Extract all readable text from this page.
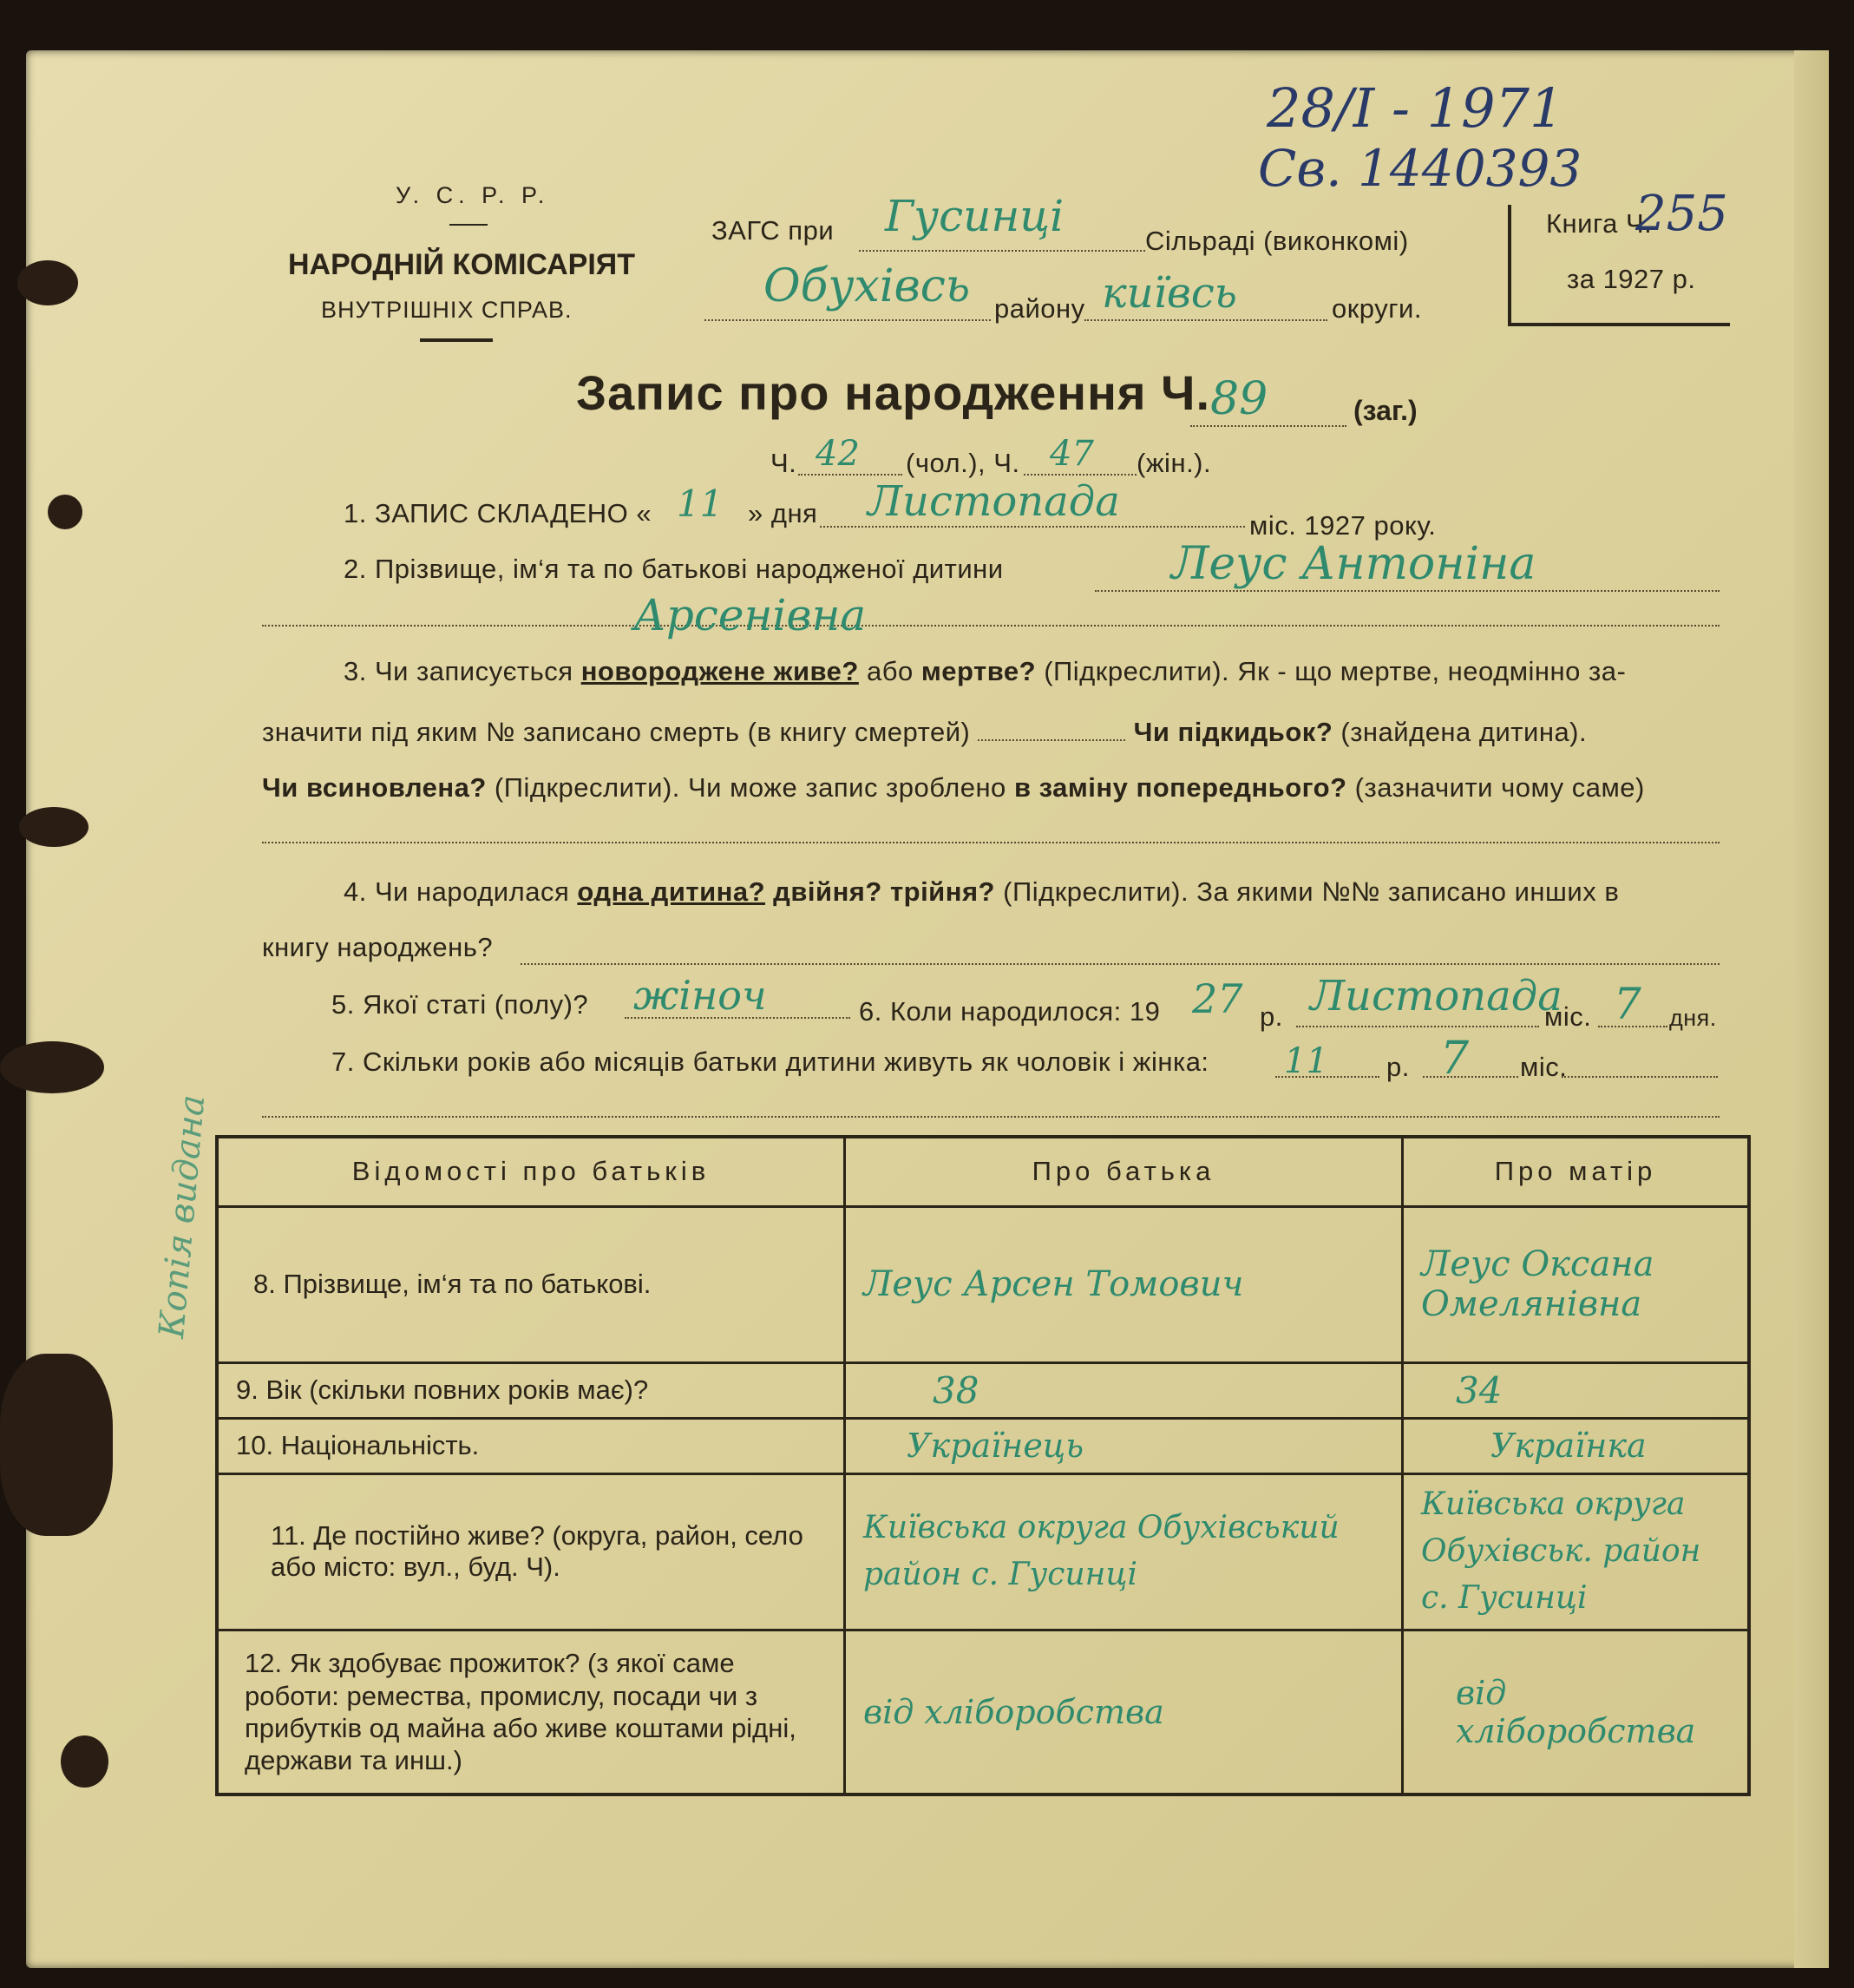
28/I - 1971
Св. 1440393
У. С. Р. Р.
НАРОДНІЙ КОМІСАРІЯТ
ВНУТРІШНІХ СПРАВ.
ЗАГС при Гусинці	Сільраді (виконкомі)
Обухівсь району київсь	округи.
Книга Ч.
255
за 1927 р.
Запис про народження Ч. 89	(заг.)
Ч. 42 (чол.), Ч. 47 (жін.).
1. ЗАПИС СКЛАДЕНО « 11 » дня Листопада	міс. 1927 року.
2. Прізвище, ім‘я та по батькові народженої дитини	Леус Антоніна
Арсенівна
3. Чи записується новороджене живе? або мертве? (Підкреслити). Як - що мертве, неодмінно за-
значити під яким № записано смерть (в книгу смертей)	Чи підкидьок? (знайдена дитина).
Чи всиновлена? (Підкреслити). Чи може запис зроблено в заміну попереднього? (зазначити чому саме)
4. Чи народилася одна дитина? двійня? трійня? (Підкреслити). За якими №№ записано инших в
книгу народжень?
5. Якої статі (полу)? жіноч	6. Коли народилося: 19 27 р. Листопада
міс. 7 дня.
7. Скільки років або місяців батьки дитини живуть як чоловік і жінка: 11 р. 7 міс.
Відомості про батьків	Про батька	Про матір
8. Прізвище, ім‘я та по батькові.	Леус Арсен Томович	Леус Оксана Омелянівна
9. Вік (скільки повних років має)?	38	34
10. Національність.	Українець	Українка
11. Де постійно живе? (округа, район, село або місто: вул., буд. Ч).	Київська округа Обухівський район с. Гусинці	Київська округа Обухівськ. район с. Гусинці
12. Як здобуває прожиток? (з якої саме роботи: ремества, промислу, посади чи з прибутків од майна або живе коштами рідні, держави та инш.)	від хліборобства	від хліборобства
Копія видана
